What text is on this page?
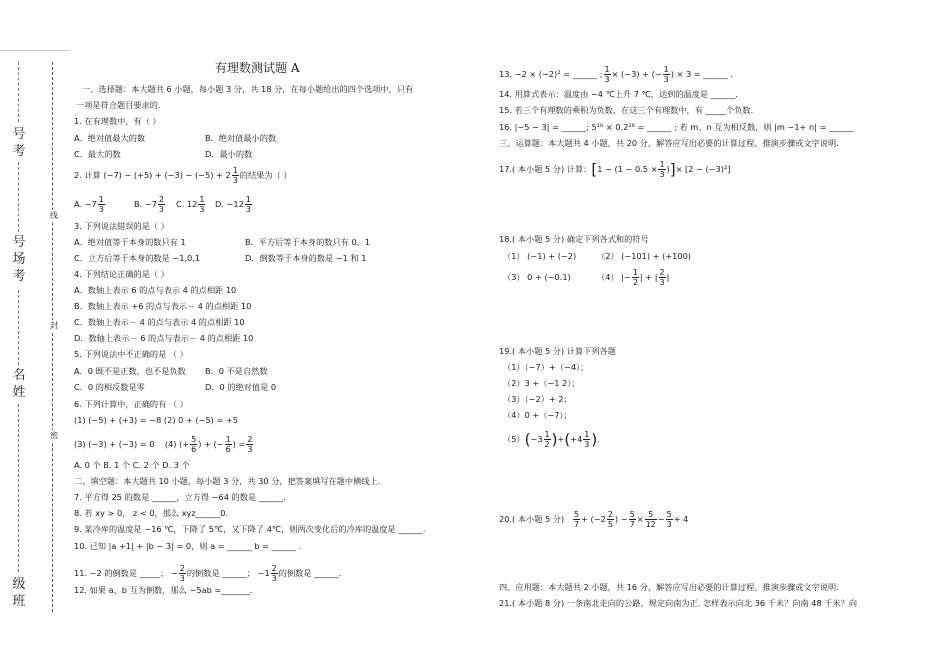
号
考
号场考
名
姓
级
班
线
封
密
有理数测试题 A
一、选择题：本大题共 6 小题，每小题 3 分，共 18 分，在每小题给出的四个选项中，只有
一项是符合题目要求的.
1. 在有理数中，有（ ）
A．绝对值最大的数	B．绝对值最小的数
C．最大的数	D．最小的数
2. 计算 $(-7) - (+5) + (-3) - (-5) + 2 \frac{1}{3}$ 的结果为（ ）
A. $-7 \frac{1}{3}$	B. $-7 \frac{2}{3} C$. $12 \frac{1}{3} D$. $-12 \frac{1}{3}$
3. 下列说法错误的是（ ）
A．绝对值等于本身的数只有 1	B．平方后等于本身的数只有 0、1
C．立方后等于本身的数是 −1,0,1	D．倒数等于本身的数是 −1 和 1
4. 下列结论正确的是（ ）
A．数轴上表示 6 的点与表示 4 的点相距 10
B．数轴上表示 +6 的点与表示－ 4 的点相距 10
C．数轴上表示－ 4 的点与表示 4 的点相距 10
D．数轴上表示－ 6 的点与表示－ 4 的点相距 10
5. 下列说法中不正确的是 （ ）
A．0 既不是正数，也不是负数 B．0 不是自然数
C．0 的相反数是零	D．0 的绝对值是 0
6. 下列计算中，正确的有 （ ）
(1) (−5) + (+3) = −8 (2) 0 + (−5) = +5
(3) (−3) + (−3) = 0 (4) (+ $\frac{5}{6}$ ) + (− $\frac{1}{6}$ ) = $\frac{2}{3}$
A. 0 个 B. 1 个 C. 2 个 D. 3 个
二、填空题：本大题共 10 小题，每小题 3 分，共 30 分，把答案填写在题中横线上.
7. 平方得 25 的数是 ______，立方得 −64 的数是 ______.
8. 若 xy > 0， z < 0，那么 xyz______0.
9. 某冷库的温度是 −16 ℃，下降了 5℃，又下降了 4℃，则两次变化后的冷库的温度是 ______.
10. 已知 |a +1| + |b − 3| = 0，则 a = ______ b = ______ .
11. −2 的倒数是 _____； − $\frac{2}{3}$ 的倒数是 ______； $-1 \frac{2}{3}$ 的倒数是 ______.
12. 如果 a、b 互为倒数，那么 −5ab =_______.
13. −2 × (−2)² = ______ ; $\frac{1}{3} \times (-3)$ + (− $\frac{1}{3}$ ) × 3 = ______ .
14. 用算式表示：温度由 −4 ℃上升 7 ℃，达到的温度是 ______.
15. 若三个有理数的乘积为负数，在这三个有理数中，有 _____个负数.
16. |−5 − 3| = ______; 5¹⁶ × 0.2¹⁶ = ______ ; 若 m、n 互为相反数，则 |m −1+ n| = ______
三、运算题：本大题共 4 小题，共 20 分，解答应写出必要的计算过程、推演步骤或文字说明.
17.( 本小题 5 分) 计算：[$1 - (1 - 0.5 \times \frac{1}{3}$ )]× [2 − (−3)²]
18.( 本小题 5 分) 确定下列各式和的符号
（1） (−1) + (−2)	（2） (−101) + (+100)
（3） 0 + (−0.1)	（4） |− $\frac{1}{2}$ | + | $\frac{2}{3}$ |
19.( 本小题 5 分) 计算下列各题
（1）（−7）+（−4）；
（2）3 +（−1 2）；
（3）（−2）+ 2；
（4）0 +（−7）；
$(5)(-3 \frac{1}{2} )+(+4 \frac{1}{3}$ ).
20.( 本小题 5 分) $\frac{5}{7} + (-2 \frac{2}{5}$ ) − $\frac{5}{7} \times \frac{5}{12} - \frac{5}{3} + 4$
四、应用题：本大题共 2 小题，共 16 分，解答应写出必要的计算过程、推演步骤或文字说明.
21.( 本小题 8 分) 一条南北走向的公路，规定向南为正. 怎样表示向北 36 千米？向南 48 千米？向
